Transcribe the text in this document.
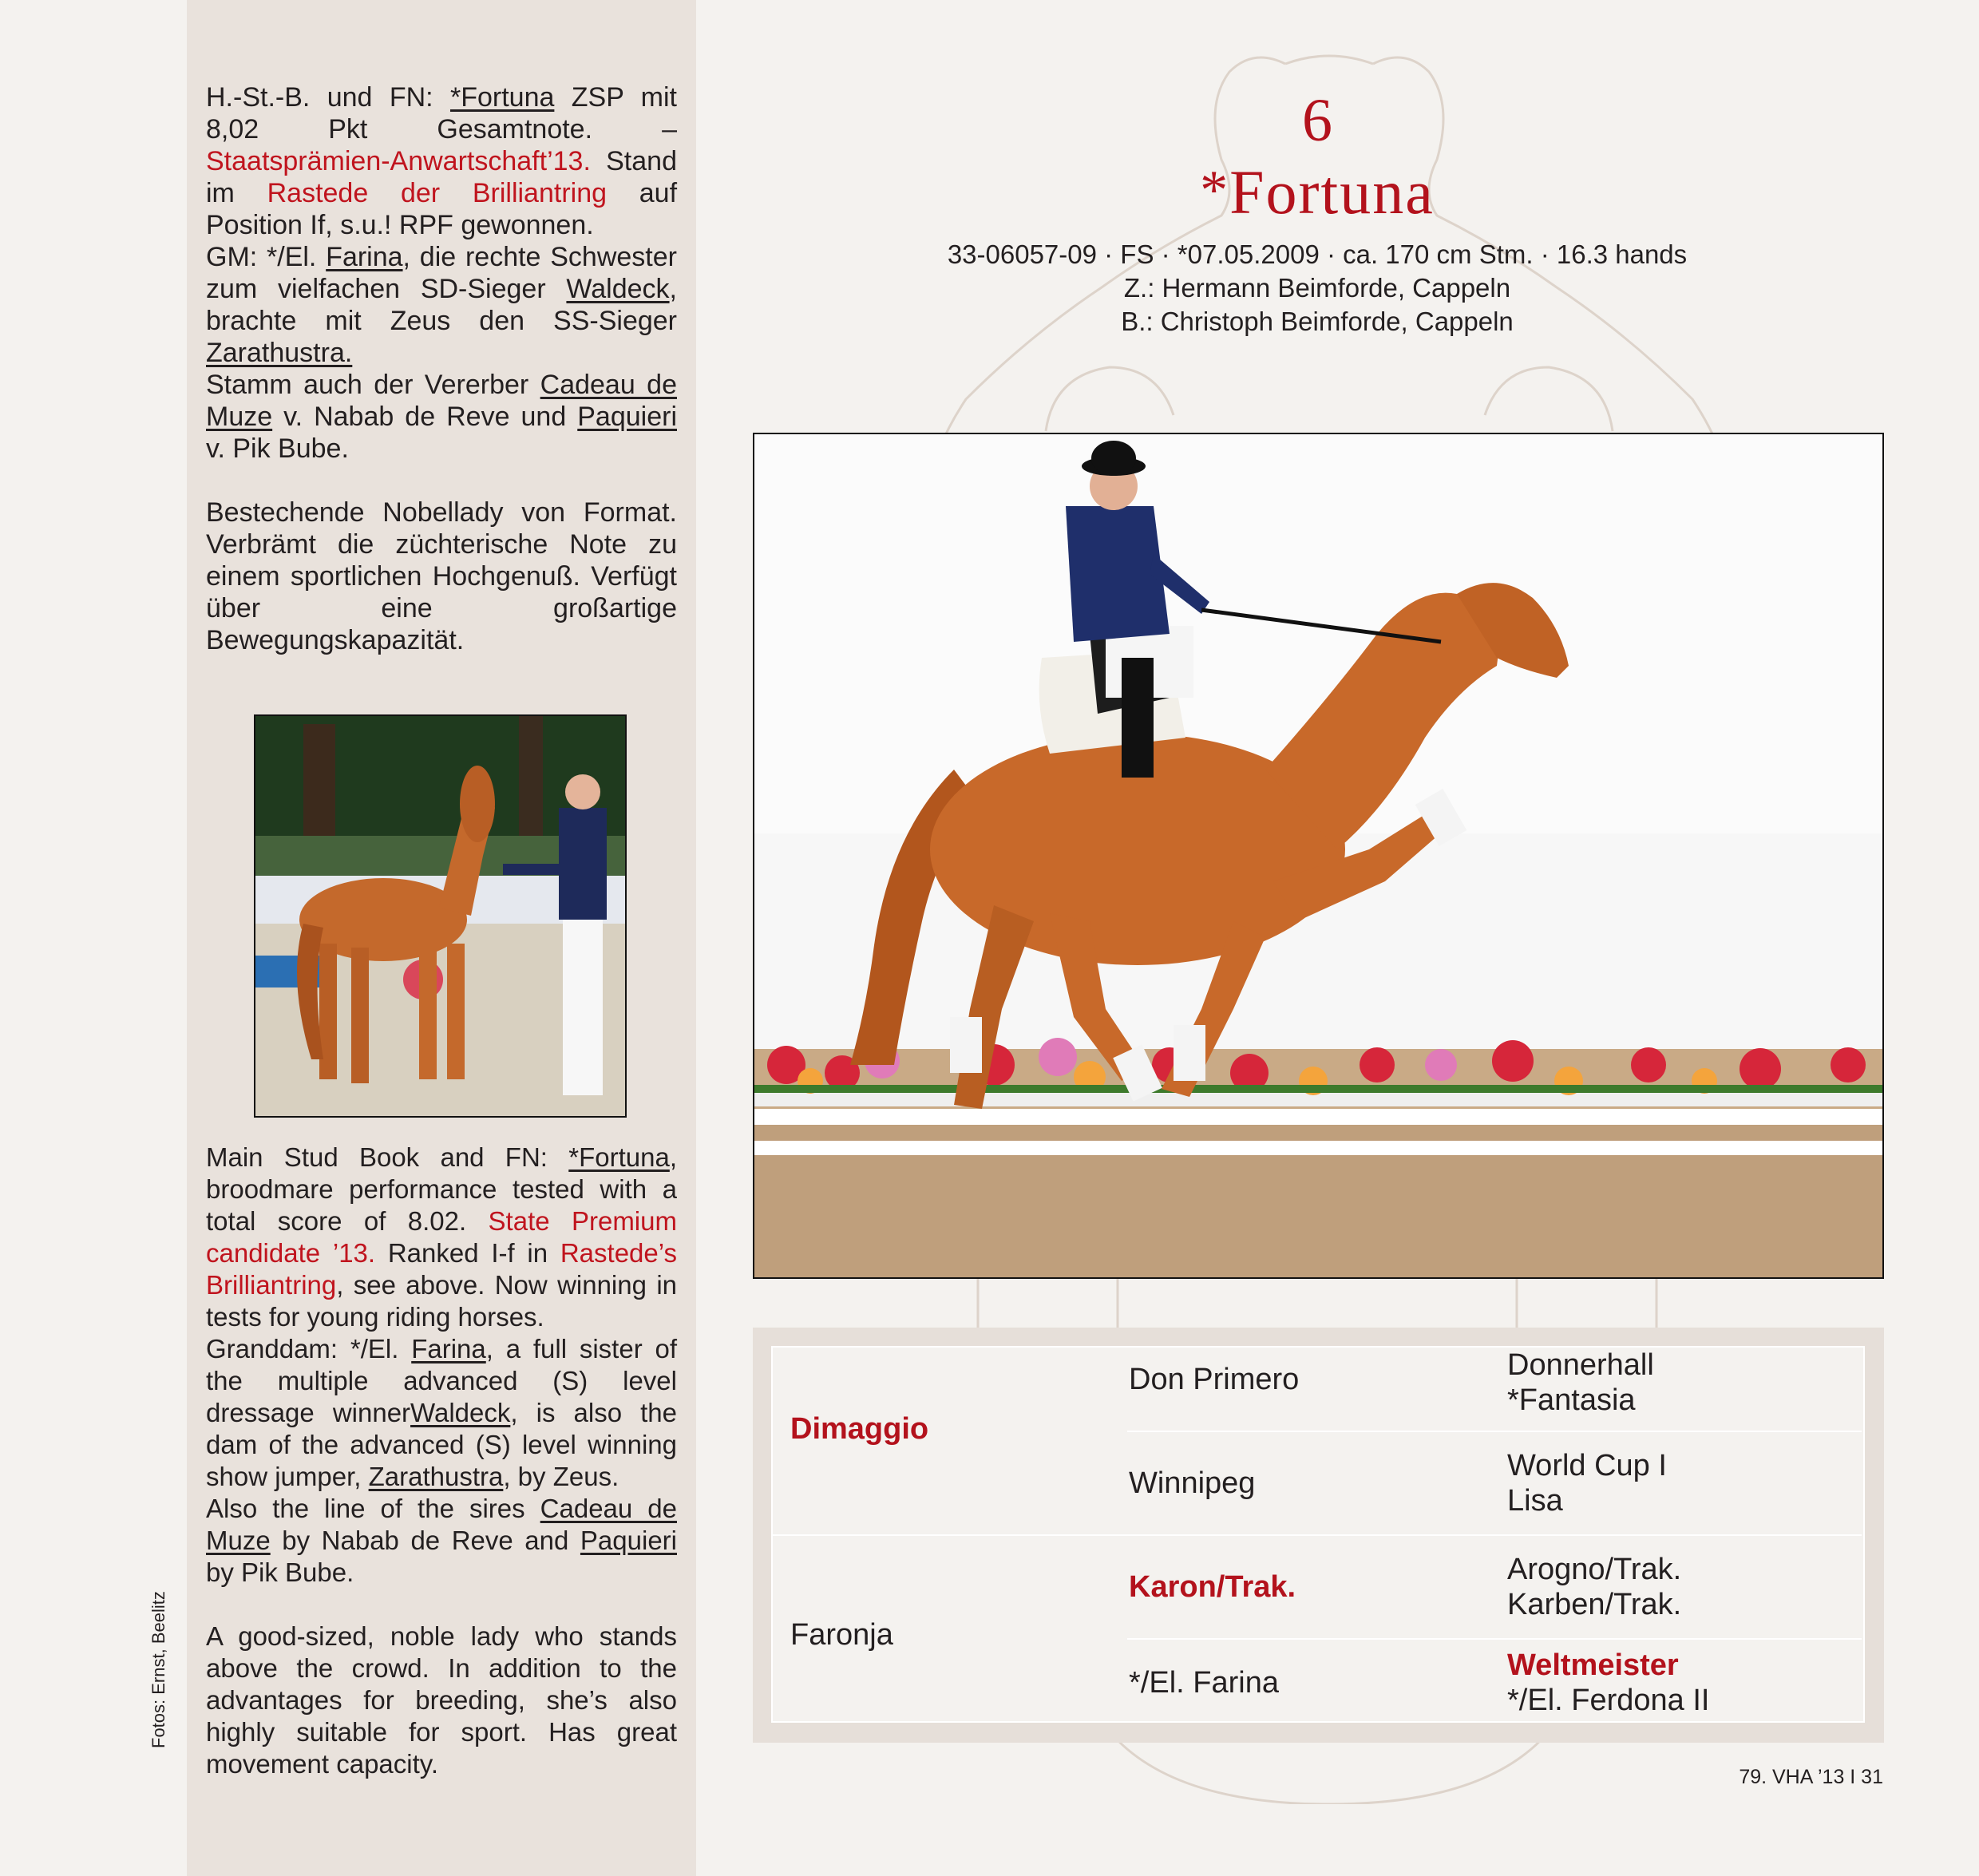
H.-St.-B. und FN: *Fortuna ZSP mit 8,02 Pkt Gesamtnote. – Staatsprämien-Anwartschaft’13. Stand im Rastede der Brilliantring auf Position If, s.u.! RPF gewonnen.

GM: */El. Farina, die rechte Schwester zum vielfachen SD-Sieger Waldeck, brachte mit Zeus den SS-Sieger Zarathustra.

Stamm auch der Vererber Cadeau de Muze v. Nabab de Reve und Paquieri v. Pik Bube.

Bestechende Nobellady von Format. Verbrämt die züchterische Note zu einem sportlichen Hochgenuß. Verfügt über eine großartige Bewegungskapazität.

Main Stud Book and FN: *Fortuna, broodmare performance tested with a total score of 8.02. State Premium candidate ’13. Ranked I-f in Rastede’s Brilliantring, see above. Now winning in tests for young riding horses.

Granddam: */El. Farina, a full sister of the multiple advanced (S) level dressage winnerWaldeck, is also the dam of the advanced (S) level winning show jumper, Zarathustra, by Zeus.

Also the line of the sires Cadeau de Muze by Nabab de Reve and Paquieri by Pik Bube.

A good-sized, noble lady who stands above the crowd. In addition to the advantages for breeding, she’s also highly suitable for sport. Has great movement capacity.

Fotos: Ernst, Beelitz
6
*Fortuna
33-06057-09 · FS · *07.05.2009 · ca. 170 cm Stm. · 16.3 hands
Z.: Hermann Beimforde, Cappeln
B.: Christoph Beimforde, Cappeln
Dimaggio
Faronja
Don Primero
Winnipeg
Karon/Trak.
*/El. Farina
Donnerhall
*Fantasia
World Cup I
Lisa
Arogno/Trak.
Karben/Trak.
Weltmeister
*/El. Ferdona II
79. VHA ’13 I 31
